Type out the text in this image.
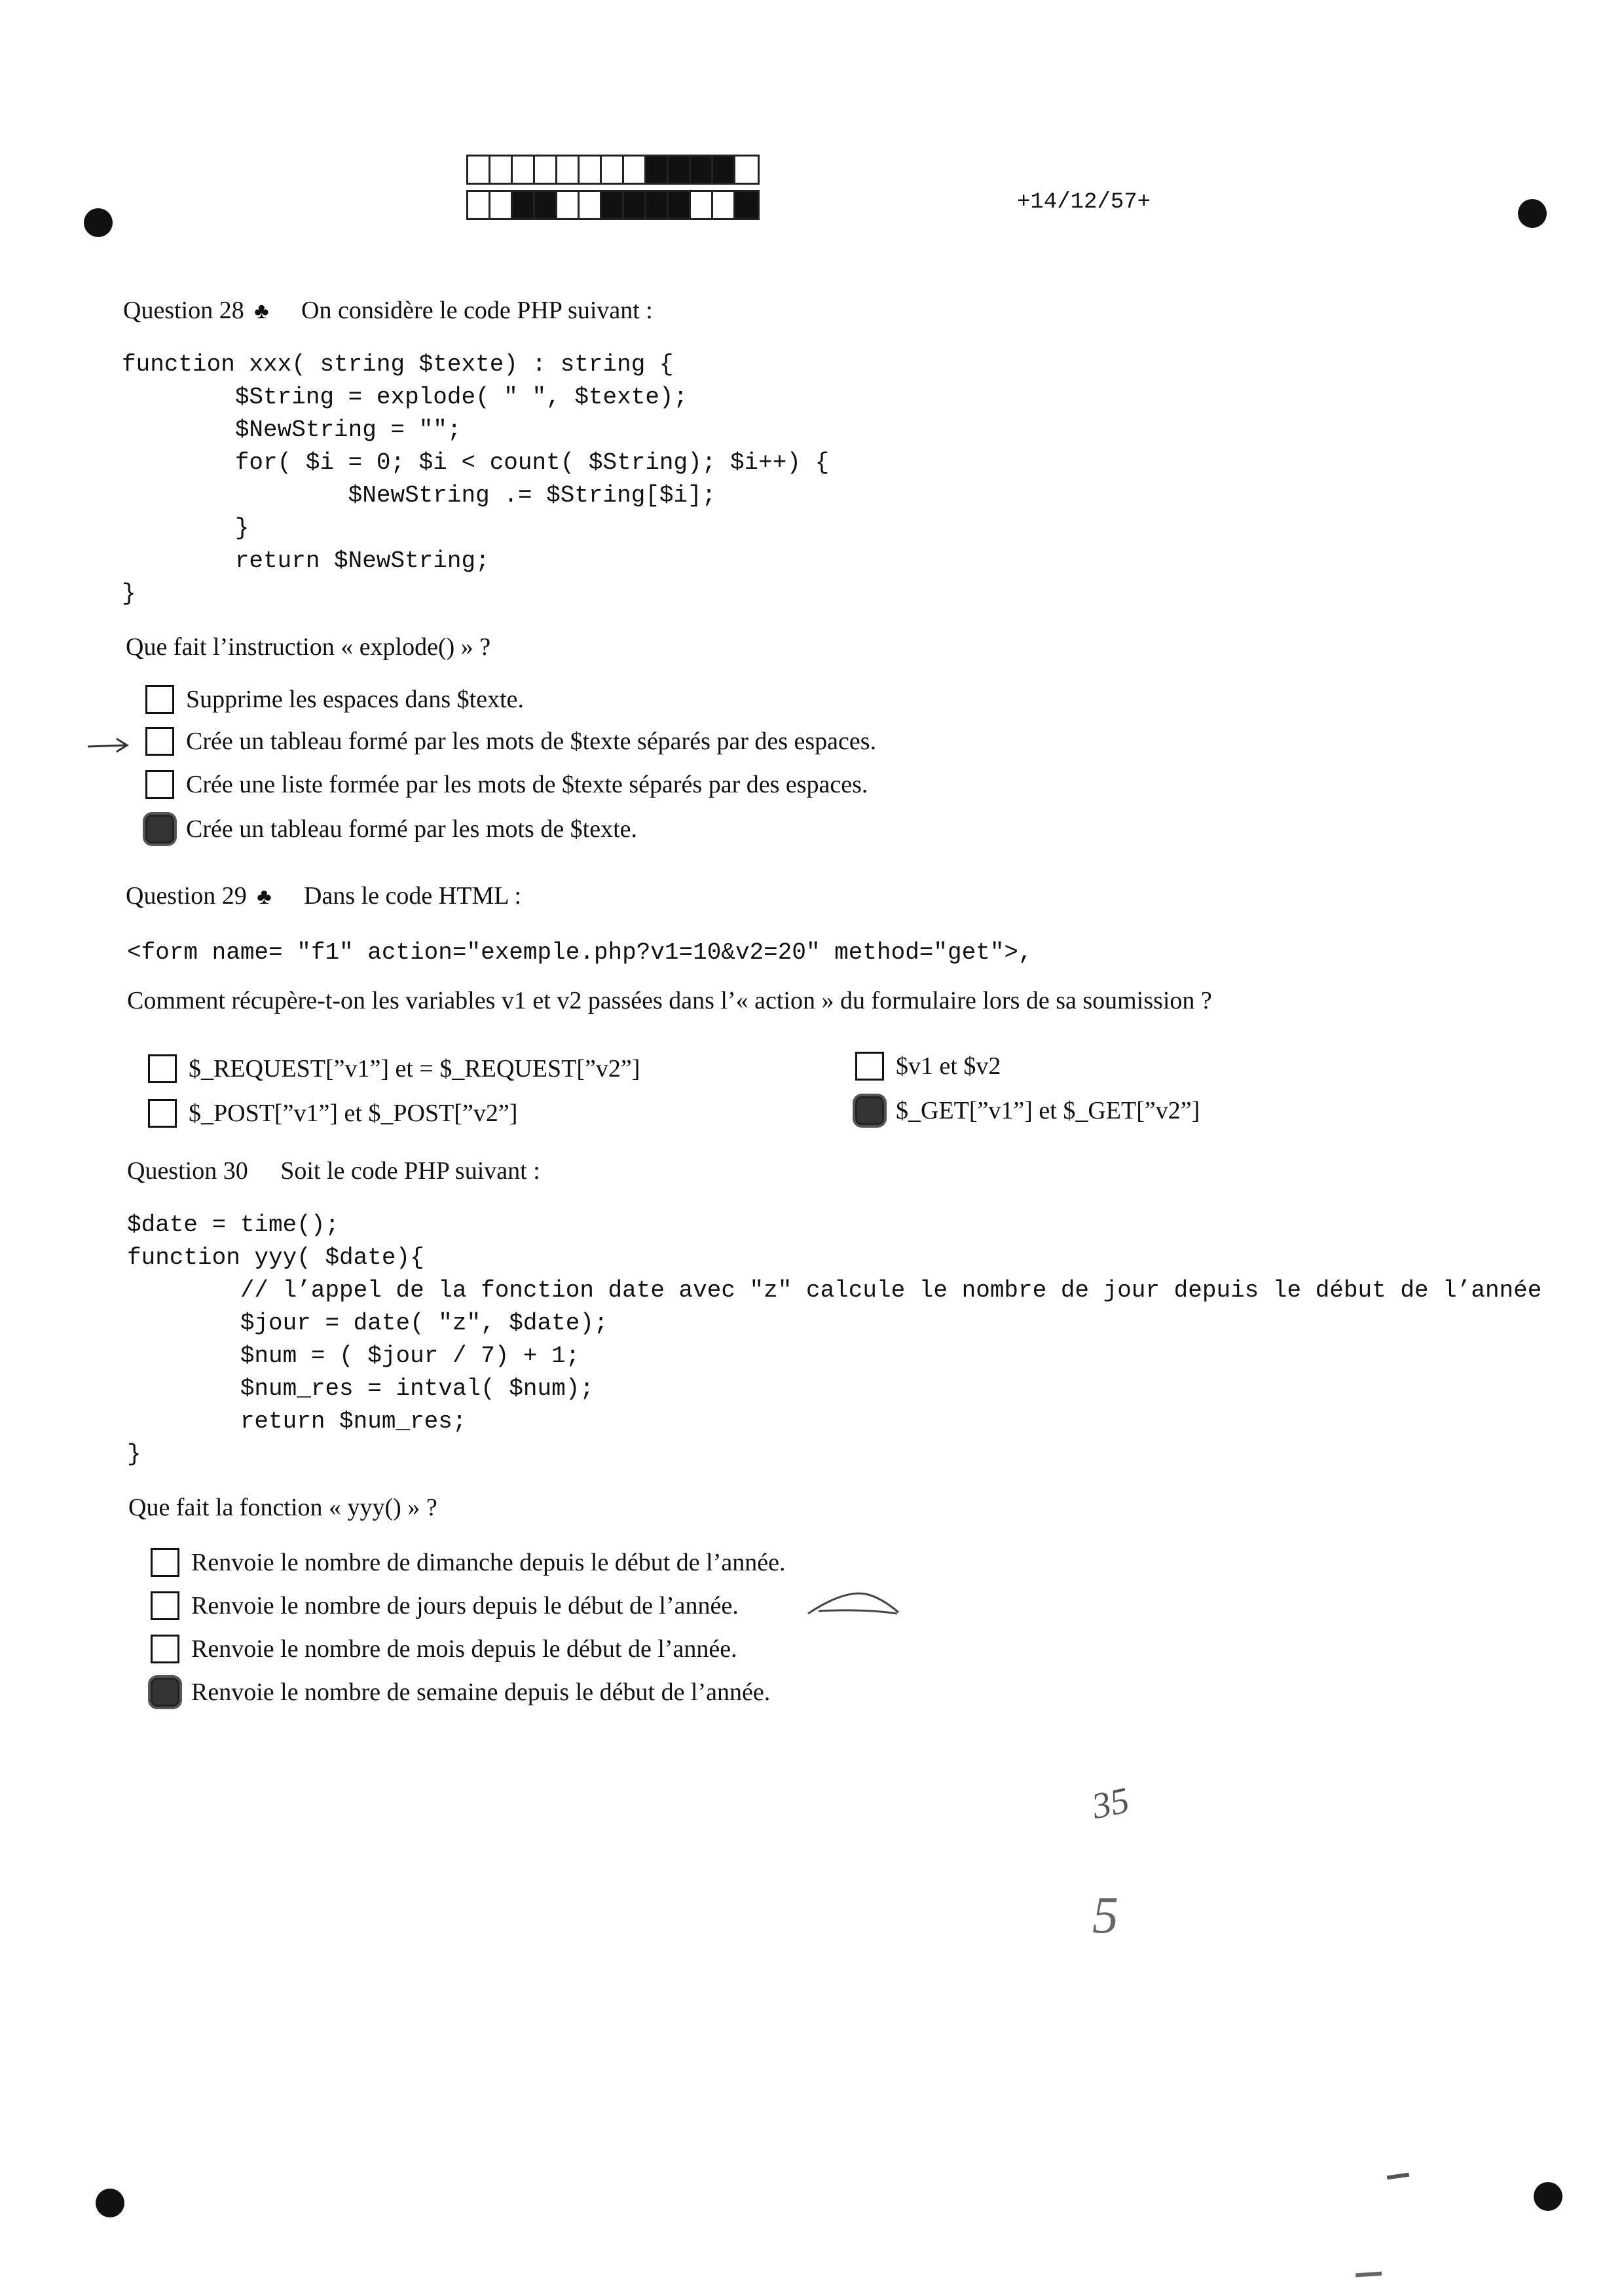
+14/12/57+
Question 28 ♣ On considère le code PHP suivant :
function xxx( string $texte) : string {
$String = explode( " ", $texte);
$NewString = "";
for( $i = 0; $i < count( $String); $i++) {
$NewString .= $String[$i];
}
return $NewString;
}
Que fait l’instruction « explode() » ?
Supprime les espaces dans $texte.
Crée un tableau formé par les mots de $texte séparés par des espaces.
Crée une liste formée par les mots de $texte séparés par des espaces.
Crée un tableau formé par les mots de $texte.
Question 29 ♣ Dans le code HTML :
<form name= "f1" action="exemple.php?v1=10&v2=20" method="get">,
Comment récupère-t-on les variables v1 et v2 passées dans l’« action » du formulaire lors de sa soumission ?
$_REQUEST[”v1”] et = $_REQUEST[”v2”]
$_POST[”v1”] et $_POST[”v2”]
$v1 et $v2
$_GET[”v1”] et $_GET[”v2”]
Question 30 Soit le code PHP suivant :
$date = time();
function yyy( $date){
// l’appel de la fonction date avec "z" calcule le nombre de jour depuis le début de l’année
$jour = date( "z", $date);
$num = ( $jour / 7) + 1;
$num_res = intval( $num);
return $num_res;
}
Que fait la fonction « yyy() » ?
Renvoie le nombre de dimanche depuis le début de l’année.
Renvoie le nombre de jours depuis le début de l’année.
Renvoie le nombre de mois depuis le début de l’année.
Renvoie le nombre de semaine depuis le début de l’année.
35
5
